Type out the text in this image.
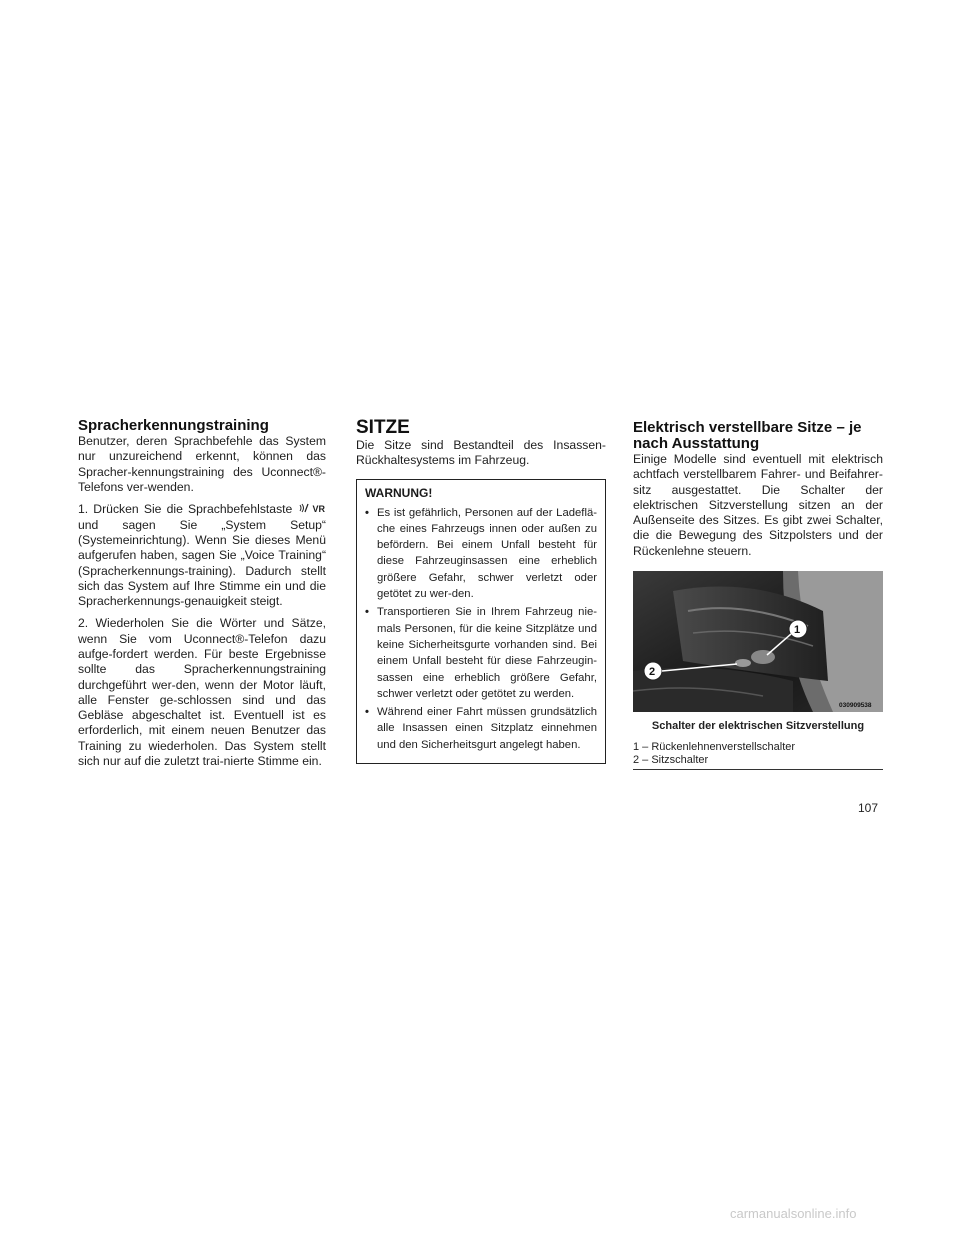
Spracherkennungstraining

Benutzer, deren Sprachbefehle das System nur unzureichend erkennt, können das Spracher-kennungstraining des Uconnect®-Telefons ver-wenden.

1. Drücken Sie die Sprachbefehlstaste VR und sagen Sie „System Setup“ (Systemeinrichtung). Wenn Sie dieses Menü aufgerufen haben, sagen Sie „Voice Training“ (Spracherkennungs-training). Dadurch stellt sich das System auf Ihre Stimme ein und die Spracherkennungs-genauigkeit steigt.

2. Wiederholen Sie die Wörter und Sätze, wenn Sie vom Uconnect®-Telefon dazu aufge-fordert werden. Für beste Ergebnisse sollte das Spracherkennungstraining durchgeführt wer-den, wenn der Motor läuft, alle Fenster ge-schlossen sind und das Gebläse abgeschaltet ist. Eventuell ist es erforderlich, mit einem neuen Benutzer das Training zu wiederholen. Das System stellt sich nur auf die zuletzt trai-nierte Stimme ein.

SITZE

Die Sitze sind Bestandteil des Insassen-Rückhaltesystems im Fahrzeug.

WARNUNG!
• Es ist gefährlich, Personen auf der Ladeflä-che eines Fahrzeugs innen oder außen zu befördern. Bei einem Unfall besteht für diese Fahrzeuginsassen eine erheblich größere Gefahr, schwer verletzt oder getötet zu wer-den.
• Transportieren Sie in Ihrem Fahrzeug nie-mals Personen, für die keine Sitzplätze und keine Sicherheitsgurte vorhanden sind. Bei einem Unfall besteht für diese Fahrzeugin-sassen eine erheblich größere Gefahr, schwer verletzt oder getötet zu werden.
• Während einer Fahrt müssen grundsätzlich alle Insassen einen Sitzplatz einnehmen und den Sicherheitsgurt angelegt haben.
Elektrisch verstellbare Sitze – je nach Ausstattung

Einige Modelle sind eventuell mit elektrisch achtfach verstellbarem Fahrer- und Beifahrer-sitz ausgestattet. Die Schalter der elektrischen Sitzverstellung sitzen an der Außenseite des Sitzes. Es gibt zwei Schalter, die die Bewegung des Sitzpolsters und der Rückenlehne steuern.

1
2
030909538
Schalter der elektrischen Sitzverstellung
1 – Rückenlehnenverstellschalter
2 – Sitzschalter
107
carmanualsonline.info
